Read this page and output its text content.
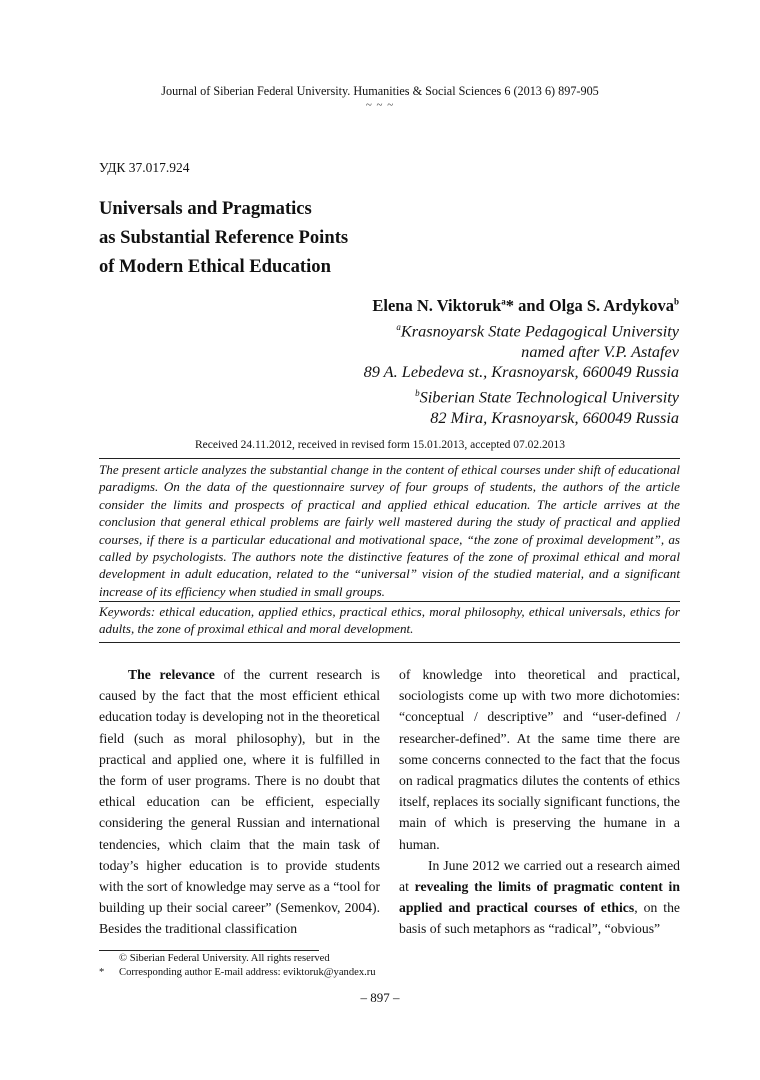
Journal of Siberian Federal University. Humanities & Social Sciences 6 (2013 6) 897-905
~ ~ ~
УДК 37.017.924
Universals and Pragmatics
as Substantial Reference Points
of Modern Ethical Education
Elena N. Viktoruk$^a$* and Olga S. Ardykova$^b$
$^a$Krasnoyarsk State Pedagogical University
named after V.P. Astafev
89 A. Lebedeva st., Krasnoyarsk, 660049 Russia
$^b$Siberian State Technological University
82 Mira, Krasnoyarsk, 660049 Russia
Received 24.11.2012, received in revised form 15.01.2013, accepted 07.02.2013
The present article analyzes the substantial change in the content of ethical courses under shift of educational paradigms. On the data of the questionnaire survey of four groups of students, the authors of the article consider the limits and prospects of practical and applied ethical education. The article arrives at the conclusion that general ethical problems are fairly well mastered during the study of practical and applied courses, if there is a particular educational and motivational space, “the zone of proximal development”, as called by psychologists. The authors note the distinctive features of the zone of proximal ethical and moral development in adult education, related to the “universal” vision of the studied material, and a significant increase of its efficiency when studied in small groups.
Keywords: ethical education, applied ethics, practical ethics, moral philosophy, ethical universals, ethics for adults, the zone of proximal ethical and moral development.

The relevance of the current research is caused by the fact that the most efficient ethical education today is developing not in the theoretical field (such as moral philosophy), but in the practical and applied one, where it is fulfilled in the form of user programs. There is no doubt that ethical education can be efficient, especially considering the general Russian and international tendencies, which claim that the main task of today’s higher education is to provide students with the sort of knowledge may serve as a “tool for building up their social career” (Semenkov, 2004). Besides the traditional classification

of knowledge into theoretical and practical, sociologists come up with two more dichotomies: “conceptual / descriptive” and “user-defined / researcher-defined”. At the same time there are some concerns connected to the fact that the focus on radical pragmatics dilutes the contents of ethics itself, replaces its socially significant functions, the main of which is preserving the humane in a human.

In June 2012 we carried out a research aimed at revealing the limits of pragmatic content in applied and practical courses of ethics, on the basis of such metaphors as “radical”, “obvious”

© Siberian Federal University. All rights reserved
* Corresponding author E-mail address: eviktoruk@yandex.ru
– 897 –
